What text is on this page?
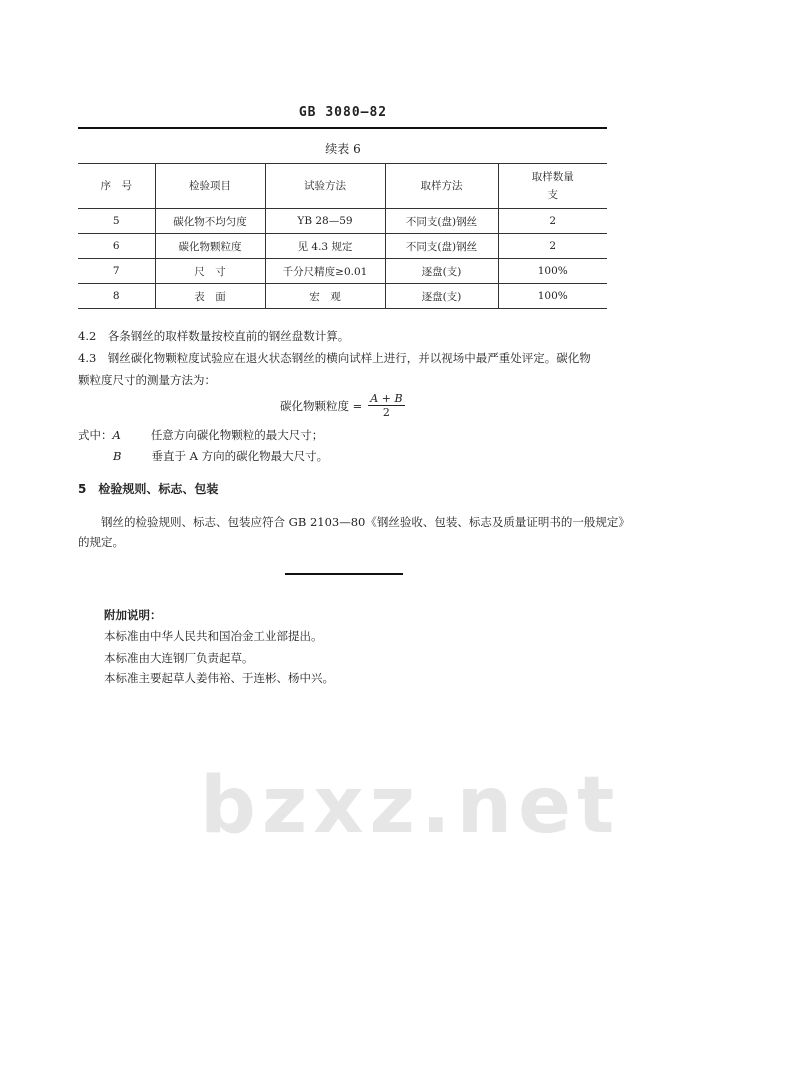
bzxz.net
GB 3080—82
续表 6
序　号	检验项目	试验方法	取样方法	取样数量
支
5	碳化物不均匀度	YB 28—59	不同支(盘)钢丝	2
6	碳化物颗粒度	见 4.3 规定	不同支(盘)钢丝	2
7	尺　寸	千分尺精度≥0.01	逐盘(支)	100%
8	表　面	宏　观	逐盘(支)	100%
4.2　各条钢丝的取样数量按校直前的钢丝盘数计算。
4.3　钢丝碳化物颗粒度试验应在退火状态钢丝的横向试样上进行，并以视场中最严重处评定。碳化物
颗粒度尺寸的测量方法为：
碳化物颗粒度 = $\frac{A + B}{2}$
式中：A	任意方向碳化物颗粒的最大尺寸；
B	垂直于 A 方向的碳化物最大尺寸。
5　检验规则、标志、包装
钢丝的检验规则、标志、包装应符合 GB 2103—80《钢丝验收、包装、标志及质量证明书的一般规定》
的规定。
附加说明：
本标准由中华人民共和国冶金工业部提出。
本标准由大连钢厂负责起草。
本标准主要起草人姜伟裕、于连彬、杨中兴。
